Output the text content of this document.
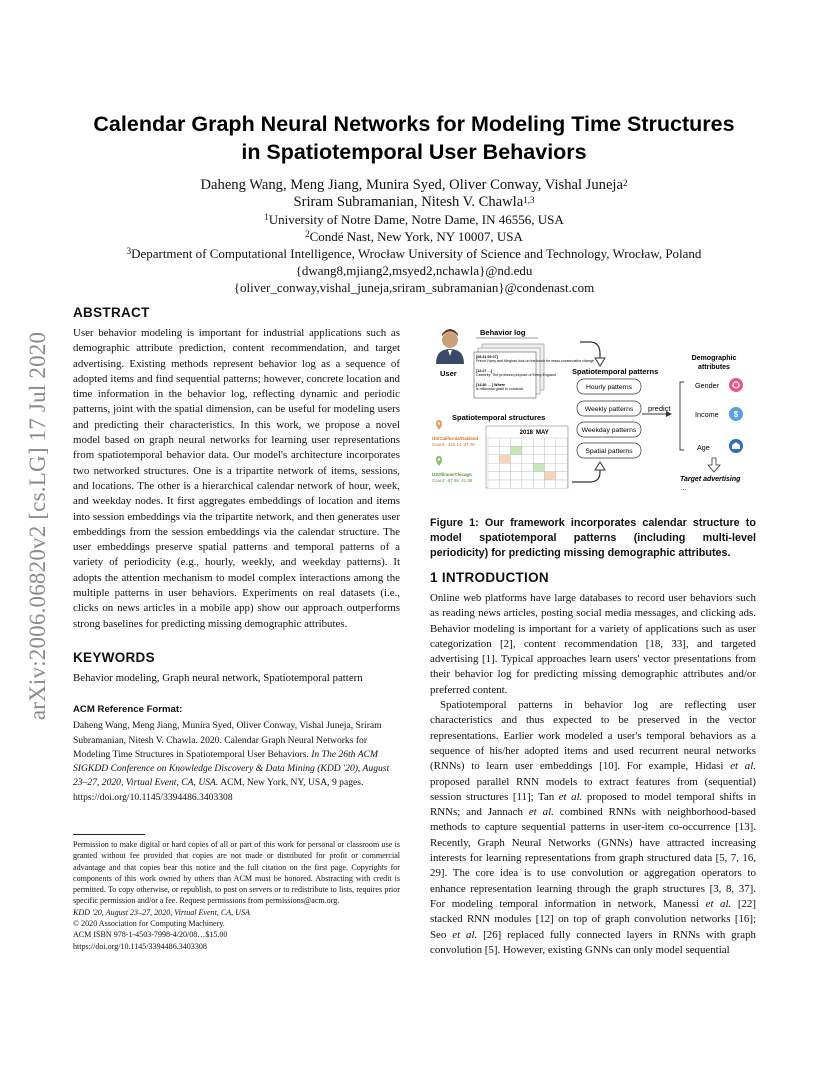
arXiv:2006.06820v2 [cs.LG] 17 Jul 2020
Calendar Graph Neural Networks for Modeling Time Structures
in Spatiotemporal User Behaviors
Daheng Wang, Meng Jiang, Munira Syed, Oliver Conway, Vishal Juneja$^2$
Sriram Subramanian, Nitesh V. Chawla$^{1,3}$
$^1$University of Notre Dame, Notre Dame, IN 46556, USA
$^2$Condé Nast, New York, NY 10007, USA
$^3$Department of Computational Intelligence, Wrocław University of Science and Technology, Wrocław, Poland
{dwang8,mjiang2,msyed2,nchawla}@nd.edu
{oliver_conway,vishal_juneja,sriram_subramanian}@condenast.com
ABSTRACT

User behavior modeling is important for industrial applications such as demographic attribute prediction, content recommendation, and target advertising. Existing methods represent behavior log as a sequence of adopted items and find sequential patterns; however, concrete location and time information in the behavior log, reflecting dynamic and periodic patterns, joint with the spatial dimension, can be useful for modeling users and predicting their characteristics. In this work, we propose a novel model based on graph neural networks for learning user representations from spatiotemporal behavior data. Our model's architecture incorporates two networked structures. One is a tripartite network of items, sessions, and locations. The other is a hierarchical calendar network of hour, week, and weekday nodes. It first aggregates embeddings of location and items into session embeddings via the tripartite network, and then generates user embeddings from the session embeddings via the calendar structure. The user embeddings preserve spatial patterns and temporal patterns of a variety of periodicity (e.g., hourly, weekly, and weekday patterns). It adopts the attention mechanism to model complex interactions among the multiple patterns in user behaviors. Experiments on real datasets (i.e., clicks on news articles in a mobile app) show our approach outperforms strong baselines for predicting missing demographic attributes.

KEYWORDS

Behavior modeling, Graph neural network, Spatiotemporal pattern

ACM Reference Format:

Daheng Wang, Meng Jiang, Munira Syed, Oliver Conway, Vishal Juneja, Sriram Subramanian, Nitesh V. Chawla. 2020. Calendar Graph Neural Networks for Modeling Time Structures in Spatiotemporal User Behaviors. In The 26th ACM SIGKDD Conference on Knowledge Discovery & Data Mining (KDD '20), August 23–27, 2020, Virtual Event, CA, USA. ACM, New York, NY, USA, 9 pages. https://doi.org/10.1145/3394486.3403308

Permission to make digital or hard copies of all or part of this work for personal or classroom use is granted without fee provided that copies are not made or distributed for profit or commercial advantage and that copies bear this notice and the full citation on the first page. Copyrights for components of this work owned by others than ACM must be honored. Abstracting with credit is permitted. To copy otherwise, or republish, to post on servers or to redistribute to lists, requires prior specific permission and/or a fee. Request permissions from permissions@acm.org.
KDD '20, August 23–27, 2020, Virtual Event, CA, USA
© 2020 Association for Computing Machinery.
ACM ISBN 978-1-4503-7998-4/20/08…$15.00
https://doi.org/10.1145/3394486.3403308
User
Behavior log
[08-31 09:07] Prince Harry and Meghan look on the lunch for mass conservative change
[12:27 …] Celebrity: The profound purpose of Every England
[14:30 … ] Where is millennial gaslit to conclude
Spatiotemporal patterns
Hourly patterns
Weekly patterns
Weekday patterns
Spatial patterns
predict
Demographic
attributes
Gender
Income $
Age
Target advertising
…
Spatiotemporal structures
US/California/Oakland
Coord: -122.14, 37.76
US/Illinois/Chicago
Coord: -87.65, 41.88
2018 MAY
Figure 1: Our framework incorporates calendar structure to model spatiotemporal patterns (including multi-level periodicity) for predicting missing demographic attributes.
1 INTRODUCTION

Online web platforms have large databases to record user behaviors such as reading news articles, posting social media messages, and clicking ads. Behavior modeling is important for a variety of applications such as user categorization [2], content recommendation [18, 33], and targeted advertising [1]. Typical approaches learn users' vector presentations from their behavior log for predicting missing demographic attributes and/or preferred content.

Spatiotemporal patterns in behavior log are reflecting user characteristics and thus expected to be preserved in the vector representations. Earlier work modeled a user's temporal behaviors as a sequence of his/her adopted items and used recurrent neural networks (RNNs) to learn user embeddings [10]. For example, Hidasi et al. proposed parallel RNN models to extract features from (sequential) session structures [11]; Tan et al. proposed to model temporal shifts in RNNs; and Jannach et al. combined RNNs with neighborhood-based methods to capture sequential patterns in user-item co-occurrence [13]. Recently, Graph Neural Networks (GNNs) have attracted increasing interests for learning representations from graph structured data [5, 7, 16, 29]. The core idea is to use convolution or aggregation operators to enhance representation learning through the graph structures [3, 8, 37]. For modeling temporal information in network, Manessi et al. [22] stacked RNN modules [12] on top of graph convolution networks [16]; Seo et al. [26] replaced fully connected layers in RNNs with graph convolution [5]. However, existing GNNs can only model sequential
